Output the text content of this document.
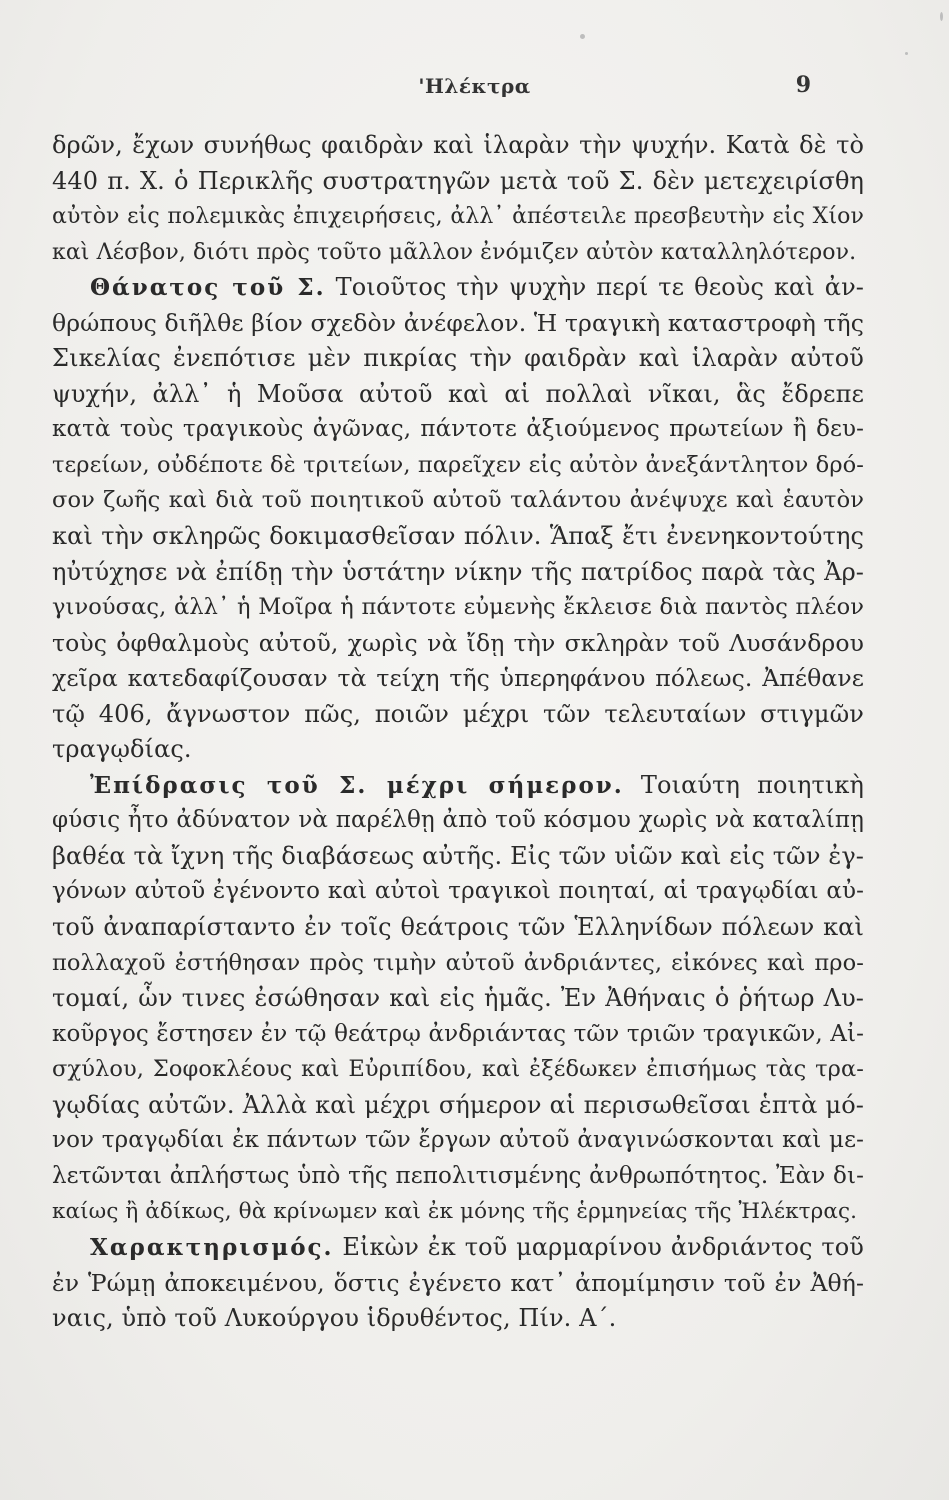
'Ηλέκτρα	9
δρῶν, ἔχων συνήθως φαιδρὰν καὶ ἱλαρὰν τὴν ψυχήν. Κατὰ δὲ τὸ
440 π. Χ. ὁ Περικλῆς συστρατηγῶν μετὰ τοῦ Σ. δὲν μετεχειρίσθη
αὐτὸν εἰς πολεμικὰς ἐπιχειρήσεις, ἀλλ᾽ ἀπέστειλε πρεσβευτὴν εἰς Χίον
καὶ Λέσβον, διότι πρὸς τοῦτο μᾶλλον ἐνόμιζεν αὐτὸν καταλληλότερον.
Θάνατος τοῦ Σ. Τοιοῦτος τὴν ψυχὴν περί τε θεοὺς καὶ ἀν-
θρώπους διῆλθε βίον σχεδὸν ἀνέφελον. Ἡ τραγικὴ καταστροφὴ τῆς
Σικελίας ἐνεπότισε μὲν πικρίας τὴν φαιδρὰν καὶ ἱλαρὰν αὐτοῦ
ψυχήν, ἀλλ᾽ ἡ Μοῦσα αὐτοῦ καὶ αἱ πολλαὶ νῖκαι, ἃς ἔδρεπε
κατὰ τοὺς τραγικοὺς ἀγῶνας, πάντοτε ἀξιούμενος πρωτείων ἢ δευ-
τερείων, οὐδέποτε δὲ τριτείων, παρεῖχεν εἰς αὐτὸν ἀνεξάντλητον δρό-
σον ζωῆς καὶ διὰ τοῦ ποιητικοῦ αὐτοῦ ταλάντου ἀνέψυχε καὶ ἑαυτὸν
καὶ τὴν σκληρῶς δοκιμασθεῖσαν πόλιν. Ἅπαξ ἔτι ἐνενηκοντούτης
ηὐτύχησε νὰ ἐπίδῃ τὴν ὑστάτην νίκην τῆς πατρίδος παρὰ τὰς Ἀρ-
γινούσας, ἀλλ᾽ ἡ Μοῖρα ἡ πάντοτε εὐμενὴς ἔκλεισε διὰ παντὸς πλέον
τοὺς ὀφθαλμοὺς αὐτοῦ, χωρὶς νὰ ἴδῃ τὴν σκληρὰν τοῦ Λυσάνδρου
χεῖρα κατεδαφίζουσαν τὰ τείχη τῆς ὑπερηφάνου πόλεως. Ἀπέθανε
τῷ 406, ἄγνωστον πῶς, ποιῶν μέχρι τῶν τελευταίων στιγμῶν
τραγῳδίας.
Ἐπίδρασις τοῦ Σ. μέχρι σήμερον. Τοιαύτη ποιητικὴ
φύσις ἦτο ἀδύνατον νὰ παρέλθῃ ἀπὸ τοῦ κόσμου χωρὶς νὰ καταλίπῃ
βαθέα τὰ ἴχνη τῆς διαβάσεως αὐτῆς. Εἰς τῶν υἱῶν καὶ εἰς τῶν ἐγ-
γόνων αὐτοῦ ἐγένοντο καὶ αὐτοὶ τραγικοὶ ποιηταί, αἱ τραγῳδίαι αὐ-
τοῦ ἀναπαρίσταντο ἐν τοῖς θεάτροις τῶν Ἑλληνίδων πόλεων καὶ
πολλαχοῦ ἐστήθησαν πρὸς τιμὴν αὐτοῦ ἀνδριάντες, εἰκόνες καὶ προ-
τομαί, ὧν τινες ἐσώθησαν καὶ εἰς ἡμᾶς. Ἐν Ἀθήναις ὁ ῥήτωρ Λυ-
κοῦργος ἔστησεν ἐν τῷ θεάτρῳ ἀνδριάντας τῶν τριῶν τραγικῶν, Αἰ-
σχύλου, Σοφοκλέους καὶ Εὐριπίδου, καὶ ἐξέδωκεν ἐπισήμως τὰς τρα-
γῳδίας αὐτῶν. Ἀλλὰ καὶ μέχρι σήμερον αἱ περισωθεῖσαι ἑπτὰ μό-
νον τραγῳδίαι ἐκ πάντων τῶν ἔργων αὐτοῦ ἀναγινώσκονται καὶ με-
λετῶνται ἀπλήστως ὑπὸ τῆς πεπολιτισμένης ἀνθρωπότητος. Ἐὰν δι-
καίως ἢ ἀδίκως, θὰ κρίνωμεν καὶ ἐκ μόνης τῆς ἑρμηνείας τῆς Ἠλέκτρας.
Χαρακτηρισμός. Εἰκὼν ἐκ τοῦ μαρμαρίνου ἀνδριάντος τοῦ
ἐν Ῥώμῃ ἀποκειμένου, ὅστις ἐγένετο κατ᾽ ἀπομίμησιν τοῦ ἐν Ἀθή-
ναις, ὑπὸ τοῦ Λυκούργου ἱδρυθέντος, Πίν. Α΄.
